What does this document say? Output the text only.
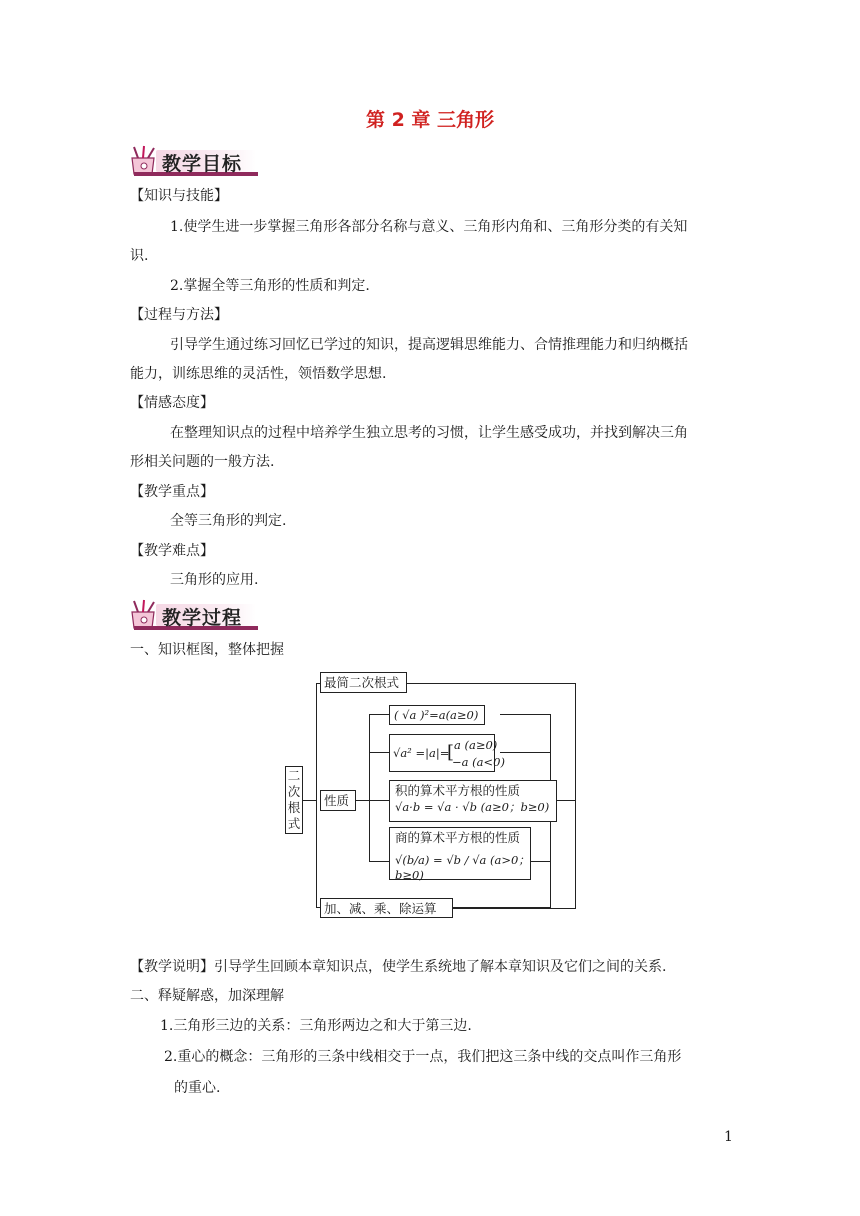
第 2 章 三角形
教学目标
【知识与技能】
1.使学生进一步掌握三角形各部分名称与意义、三角形内角和、三角形分类的有关知
识.
2.掌握全等三角形的性质和判定.
【过程与方法】
引导学生通过练习回忆已学过的知识，提高逻辑思维能力、合情推理能力和归纳概括
能力，训练思维的灵活性，领悟数学思想.
【情感态度】
在整理知识点的过程中培养学生独立思考的习惯，让学生感受成功，并找到解决三角
形相关问题的一般方法.
【教学重点】
全等三角形的判定.
【教学难点】
三角形的应用.
教学过程
一、知识框图，整体把握
二
次
根
式
最简二次根式
性质
( √a )²=a(a≥0)
√a² =|a|=
[ a (a≥0)
−a (a<0)
积的算术平方根的性质
√a·b = √a · √b (a≥0；b≥0)
商的算术平方根的性质
√(b/a) = √b / √a (a>0；b≥0)
加、减、乘、除运算
【教学说明】引导学生回顾本章知识点，使学生系统地了解本章知识及它们之间的关系.
二、释疑解惑，加深理解
1.三角形三边的关系：三角形两边之和大于第三边.
2.重心的概念：三角形的三条中线相交于一点，我们把这三条中线的交点叫作三角形
的重心.
1
